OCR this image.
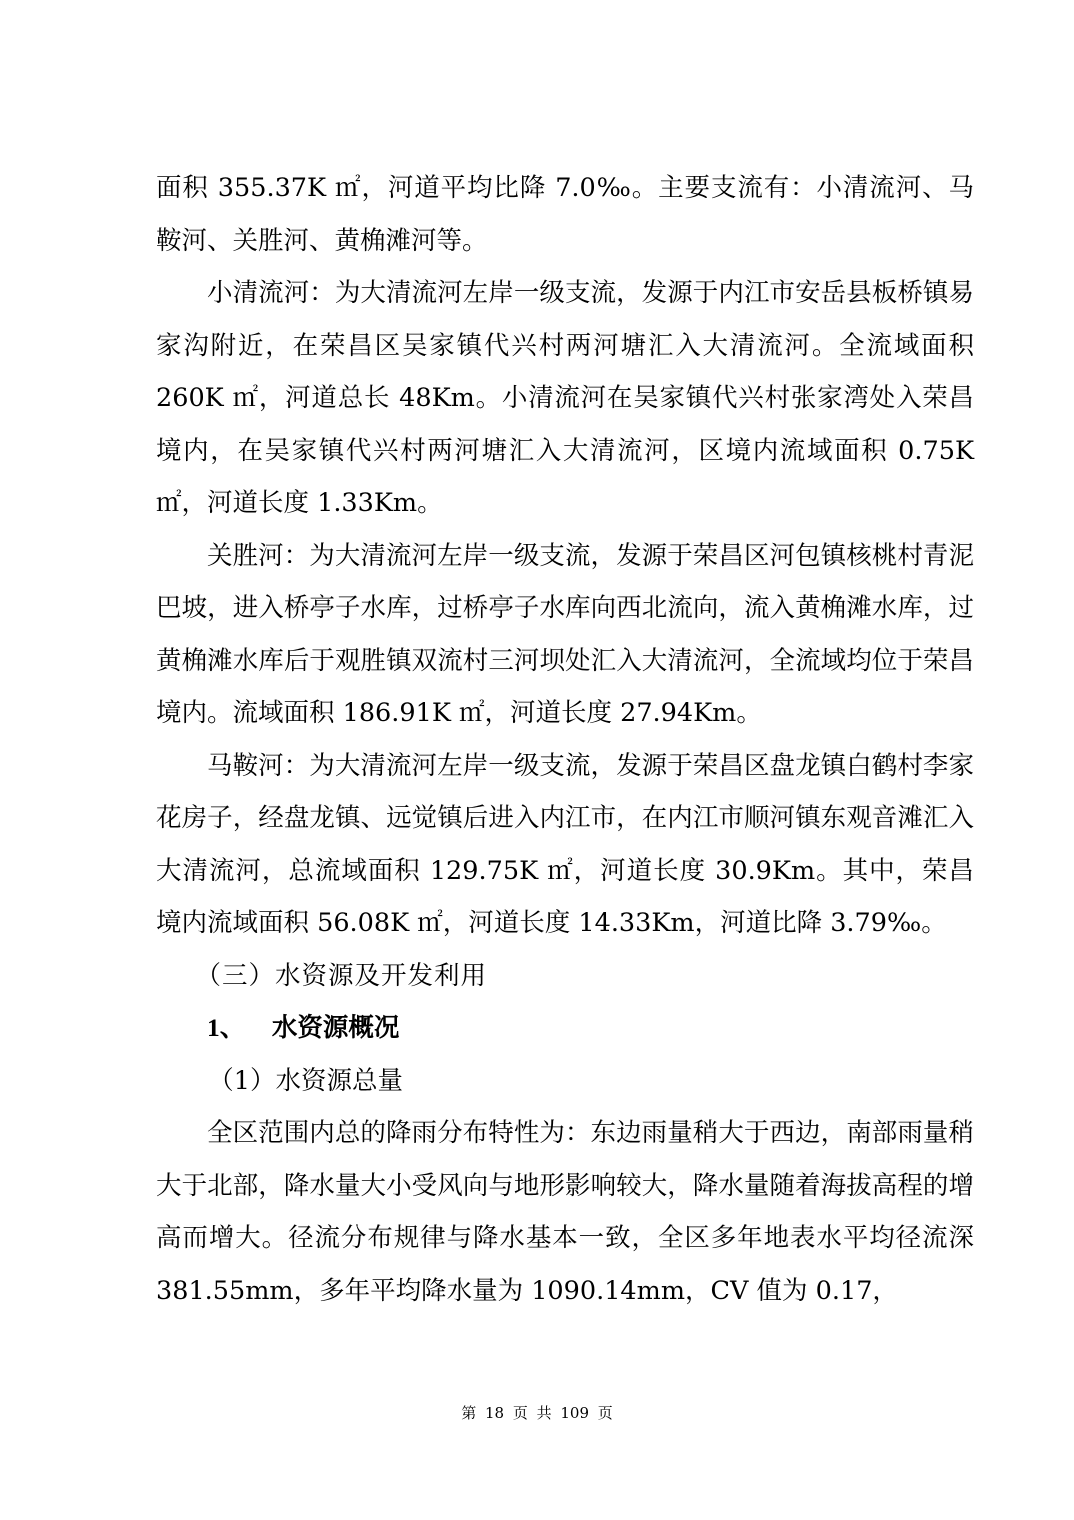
面积 355.37K ㎡，河道平均比降 7.0‰。主要支流有：小清流河、马鞍河、关胜河、黄桷滩河等。

小清流河：为大清流河左岸一级支流，发源于内江市安岳县板桥镇易家沟附近，在荣昌区吴家镇代兴村两河塘汇入大清流河。全流域面积 260K ㎡，河道总长 48Km。小清流河在吴家镇代兴村张家湾处入荣昌境内，在吴家镇代兴村两河塘汇入大清流河，区境内流域面积 0.75K ㎡，河道长度 1.33Km。

关胜河：为大清流河左岸一级支流，发源于荣昌区河包镇核桃村青泥巴坡，进入桥亭子水库，过桥亭子水库向西北流向，流入黄桷滩水库，过黄桷滩水库后于观胜镇双流村三河坝处汇入大清流河，全流域均位于荣昌境内。流域面积 186.91K ㎡，河道长度 27.94Km。

马鞍河：为大清流河左岸一级支流，发源于荣昌区盘龙镇白鹤村李家花房子，经盘龙镇、远觉镇后进入内江市，在内江市顺河镇东观音滩汇入大清流河，总流域面积 129.75K ㎡，河道长度 30.9Km。其中，荣昌境内流域面积 56.08K ㎡，河道长度 14.33Km，河道比降 3.79‰。

（三）水资源及开发利用

1、 水资源概况

（1）水资源总量

全区范围内总的降雨分布特性为：东边雨量稍大于西边，南部雨量稍大于北部，降水量大小受风向与地形影响较大，降水量随着海拔高程的增高而增大。径流分布规律与降水基本一致，全区多年地表水平均径流深 381.55mm，多年平均降水量为 1090.14mm，CV 值为 0.17，

第 18 页 共 109 页
